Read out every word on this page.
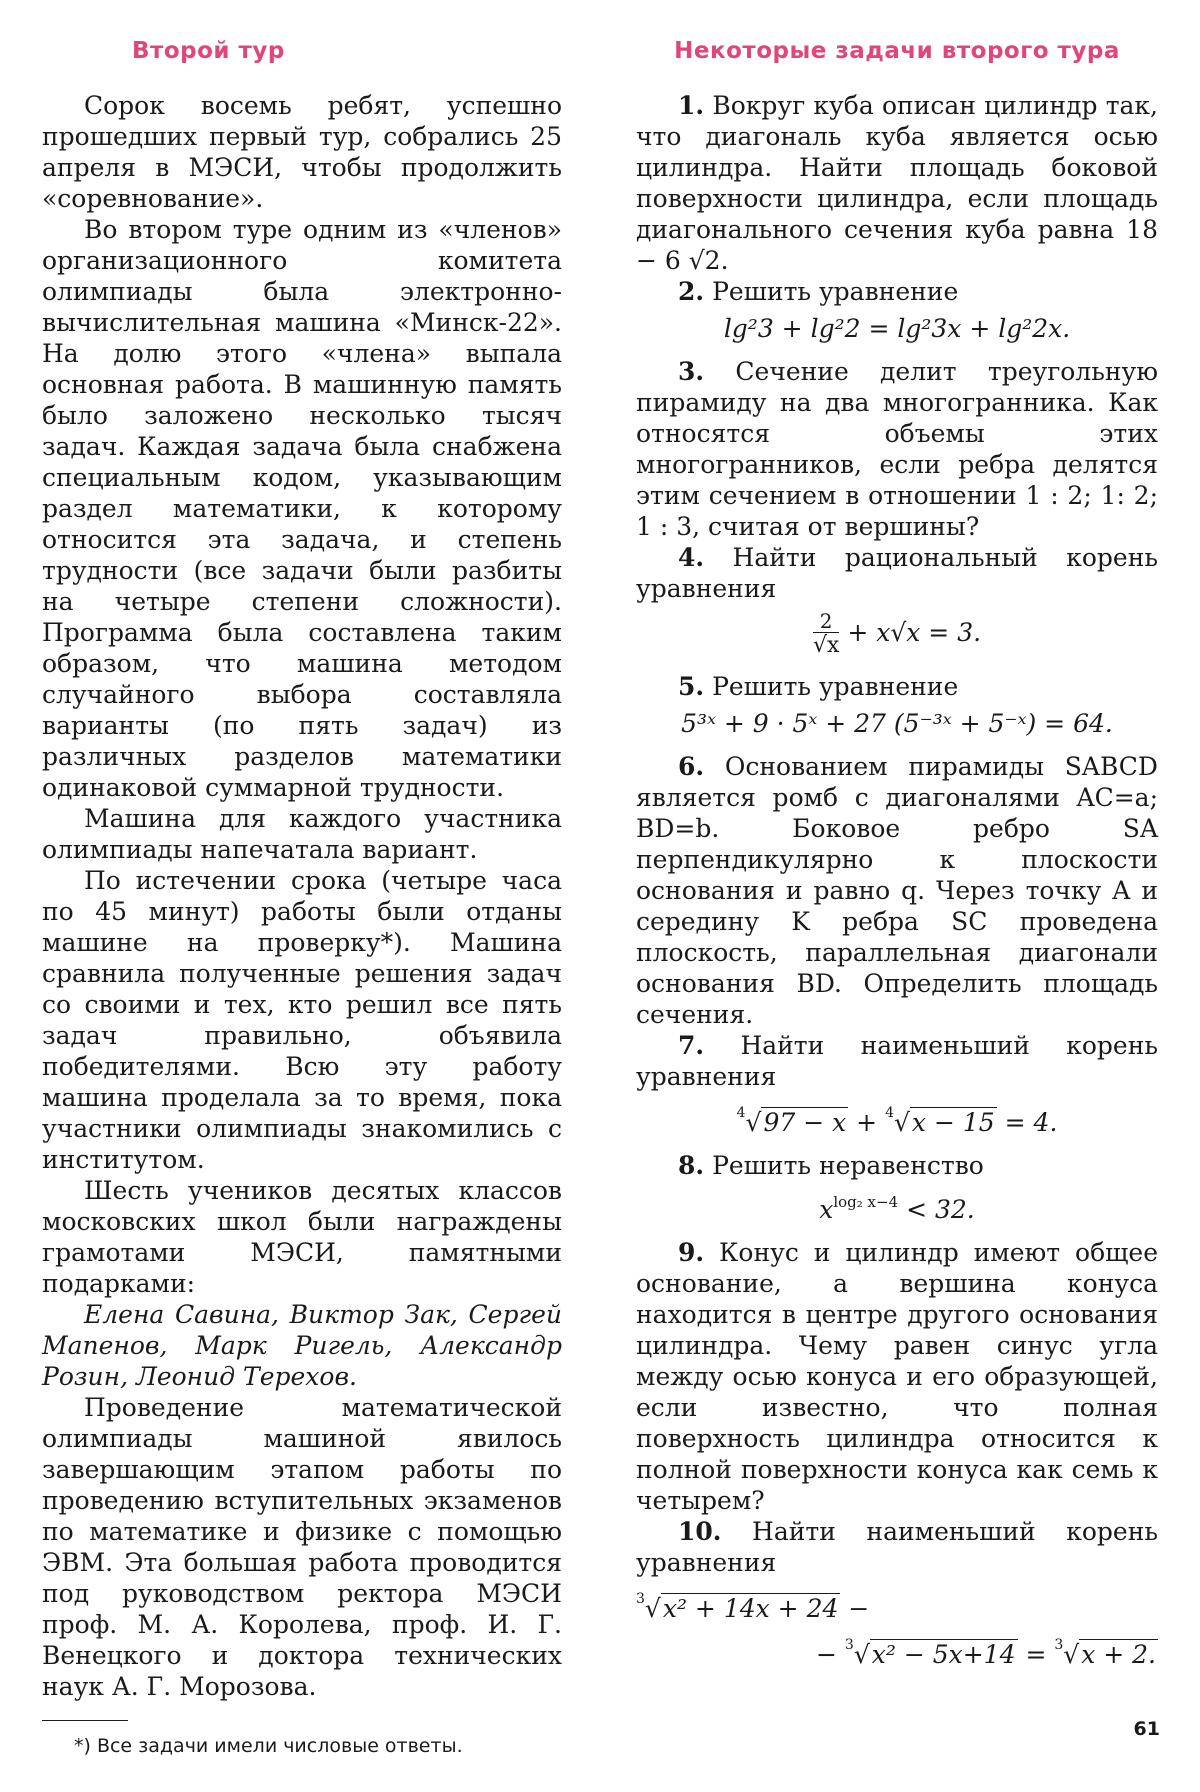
Второй тур

Сорок восемь ребят, успешно прошедших первый тур, собрались 25 апреля в МЭСИ, чтобы продолжить «соревнование».

Во втором туре одним из «членов» организационного комитета олимпиады была электронно-вычислительная машина «Минск-22». На долю этого «члена» выпала основная работа. В машинную память было заложено несколько тысяч задач. Каждая задача была снабжена специальным кодом, указывающим раздел математики, к которому относится эта задача, и степень трудности (все задачи были разбиты на четыре степени сложности). Программа была составлена таким образом, что машина методом случайного выбора составляла варианты (по пять задач) из различных разделов математики одинаковой суммарной трудности.

Машина для каждого участника олимпиады напечатала вариант.

По истечении срока (четыре часа по 45 минут) работы были отданы машине на проверку*). Машина сравнила полученные решения задач со своими и тех, кто решил все пять задач правильно, объявила победителями. Всю эту работу машина проделала за то время, пока участники олимпиады знакомились с институтом.

Шесть учеников десятых классов московских школ были награждены грамотами МЭСИ, памятными подарками:

Елена Савина, Виктор Зак, Сергей Мапенов, Марк Ригель, Александр Розин, Леонид Терехов.

Проведение математической олимпиады машиной явилось завершающим этапом работы по проведению вступительных экзаменов по математике и физике с помощью ЭВМ. Эта большая работа проводится под руководством ректора МЭСИ проф. М. А. Королева, проф. И. Г. Венецкого и доктора технических наук А. Г. Морозова.

*) Все задачи имели числовые ответы.

Некоторые задачи второго тура

1. Вокруг куба описан цилиндр так, что диагональ куба является осью цилиндра. Найти площадь боковой поверхности цилиндра, если площадь диагонального сечения куба равна 18 − 6 √2.

2. Решить уравнение

lg²3 + lg²2 = lg²3x + lg²2x.

3. Сечение делит треугольную пирамиду на два многогранника. Как относятся объемы этих многогранников, если ребра делятся этим сечением в отношении 1 : 2; 1: 2; 1 : 3, считая от вершины?

4. Найти рациональный корень уравнения

$\frac{2}{√x} + x√x = 3$.

5. Решить уравнение

5³ˣ + 9 · 5ˣ + 27 (5⁻³ˣ + 5⁻ˣ) = 64.

6. Основанием пирамиды SABCD является ромб с диагоналями AC=a; BD=b. Боковое ребро SA перпендикулярно к плоскости основания и равно q. Через точку A и середину K ребра SC проведена плоскость, параллельная диагонали основания BD. Определить площадь сечения.

7. Найти наименьший корень уравнения

$^4$√97 − x + $^4$√x − 15 = 4.

8. Решить неравенство

$x^{log_2 x-4} < 32$.

9. Конус и цилиндр имеют общее основание, а вершина конуса находится в центре другого основания цилиндра. Чему равен синус угла между осью конуса и его образующей, если известно, что полная поверхность цилиндра относится к полной поверхности конуса как семь к четырем?

10. Найти наименьший корень уравнения

$^3$√x² + 14x + 24 −
− $^3$√x² − 5x+14 = $^3$√x + 2.
61
